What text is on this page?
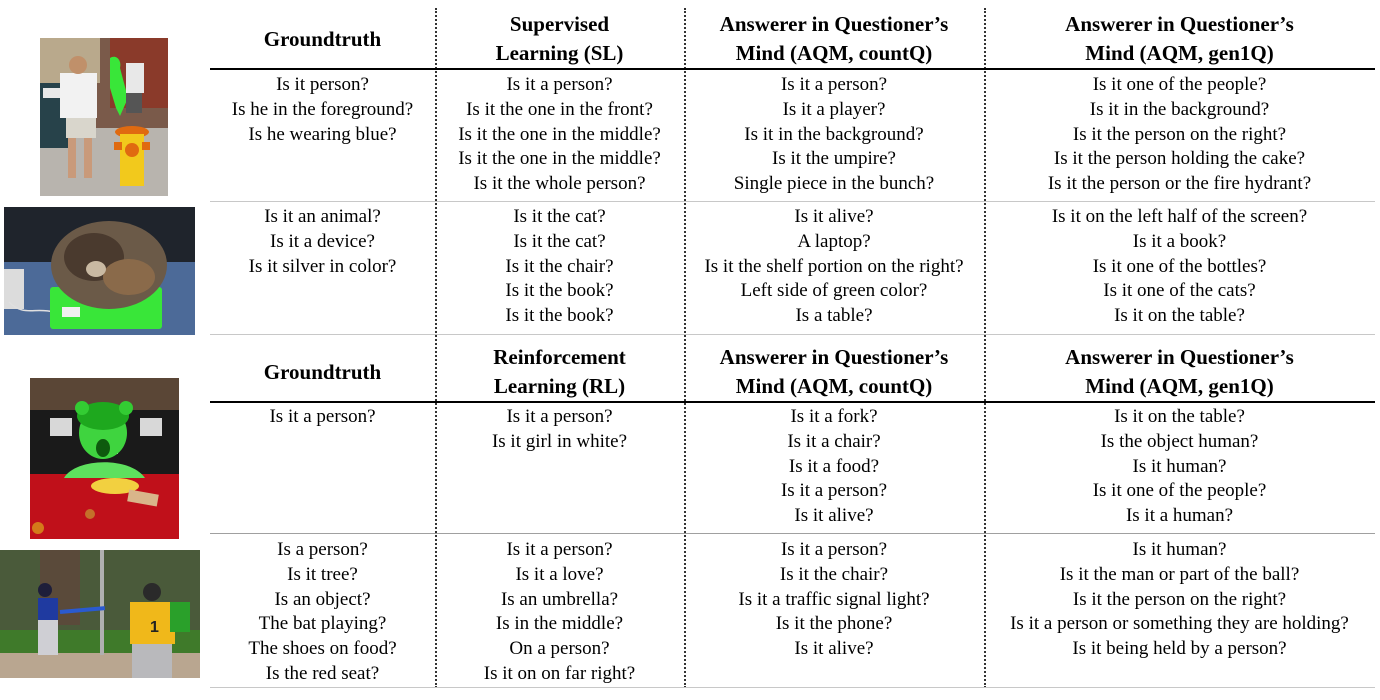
1
Groundtruth
Supervised
Learning (SL)
Answerer in Questioner’s
Mind (AQM, countQ)
Answerer in Questioner’s
Mind (AQM, gen1Q)
Is it person?
Is he in the foreground?
Is he wearing blue?
Is it a person?
Is it the one in the front?
Is it the one in the middle?
Is it the one in the middle?
Is it the whole person?
Is it a person?
Is it a player?
Is it in the background?
Is it the umpire?
Single piece in the bunch?
Is it one of the people?
Is it in the background?
Is it the person on the right?
Is it the person holding the cake?
Is it the person or the fire hydrant?
Is it an animal?
Is it a device?
Is it silver in color?
Is it the cat?
Is it the cat?
Is it the chair?
Is it the book?
Is it the book?
Is it alive?
A laptop?
Is it the shelf portion on the right?
Left side of green color?
Is a table?
Is it on the left half of the screen?
Is it a book?
Is it one of the bottles?
Is it one of the cats?
Is it on the table?
Groundtruth
Reinforcement
Learning (RL)
Answerer in Questioner’s
Mind (AQM, countQ)
Answerer in Questioner’s
Mind (AQM, gen1Q)
Is it a person?	Is it a person?
Is it girl in white?
Is it a fork?
Is it a chair?
Is it a food?
Is it a person?
Is it alive?
Is it on the table?
Is the object human?
Is it human?
Is it one of the people?
Is it a human?
Is a person?
Is it tree?
Is an object?
The bat playing?
The shoes on food?
Is the red seat?
Is it a person?
Is it a love?
Is an umbrella?
Is in the middle?
On a person?
Is it on on far right?
Is it a person?
Is it the chair?
Is it a traffic signal light?
Is it the phone?
Is it alive?
Is it human?
Is it the man or part of the ball?
Is it the person on the right?
Is it a person or something they are holding?
Is it being held by a person?
